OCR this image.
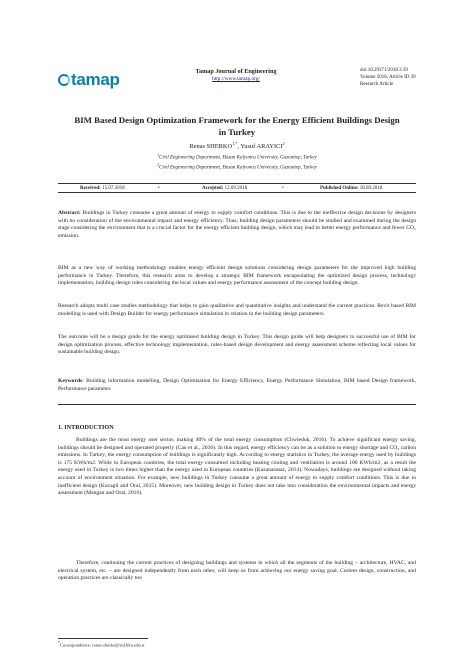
tamap	Tamap Journal of Engineering
http://www.tamap.org/
doi:10.29371/2018.3.39
Volume 2018, Article ID 39
Research Article
BIM Based Design Optimization Framework for the Energy Efficient Buildings Design in Turkey
Renas $SHERKO^{1,*}$, Yusuf ARAYICI$^2$
$^1$Civil Engineering Department, Hasan Kalyoncu University, Gaziantep, Turkey
$^2$Civil Engineering Department, Hasan Kalyoncu University, Gaziantep, Turkey
Received: 15.07.2018	•	Accepted: 12.09.2018	•	Published Online: 18.09.2018
Abstract: Buildings in Turkey consume a great amount of energy to supply comfort conditions. This is due to the ineffective design decisions by designers with no consideration of the environmental impact and energy efficiency. Thus, building design parameters should be studied and examined during the design stage considering the environment that is a crucial factor for the energy efficient building design, which may lead to better energy performance and fewer CO₂ emission.
BIM as a new way of working methodology enables energy efficient design solutions considering design parameters for the improved high building performance in Turkey. Therefore, this research aims to develop a strategic BIM framework encapsulating the optimized design process, technology implementation, building design rules considering the local values and energy performance assessment of the concept building design.
Research adopts multi case studies methodology that helps to gain qualitative and quantitative insights and understand the current practices. Revit based BIM modelling is used with Design Builder for energy performance simulation in relation to the building design parameters.
The outcome will be a design guide for the energy optimised building design in Turkey. This design guide will help designers to successful use of BIM for design optimization process, effective technology implementation, rules-based design development and energy assessment scheme reflecting local values for sustainable building design.
Keywords: Building information modelling, Design Optimisation for Energy Efficiency, Energy Performance Simulation, BIM based Design framework, Performance parameter.
1. INTRODUCTION
Buildings are the most energy user sector, making 40% of the total energy consumption (Chwieduk, 2016). To achieve significant energy saving, buildings should be designed and operated properly (Cao et al., 2016). In this regard, energy efficiency can be as a solution to energy shortage and CO₂ carbon emissions. In Turkey, the energy consumption of buildings is significantly high. According to energy statistics in Turkey, the average energy used by buildings is 175 KWh/m2. While in European countries, the total energy consumed including heating cooling and ventilation is around 100 KWh/m2, as a result the energy used in Turkey is two times higher than the energy used in European countries (Kazanasmaz, 2014). Nowadays, buildings are designed without taking account of environment situation. For example, new buildings in Turkey consume a great amount of energy to supply comfort conditions. This is due to inefficient design (Kocagil and Oral, 2015). Moreover, new building design in Turkey does not take into consideration the environmental impacts and energy assessment (Mangan and Oral, 2016).
Therefore, continuing the current practices of designing buildings and systems in which all the segments of the building – architecture, HVAC, and electrical system, etc. – are designed independently from each other, will keep us from achieving our energy saving goal. Current design, construction, and operation practices are classically too
*Correspondence: renas.sherko@std.hku.edu.tr
